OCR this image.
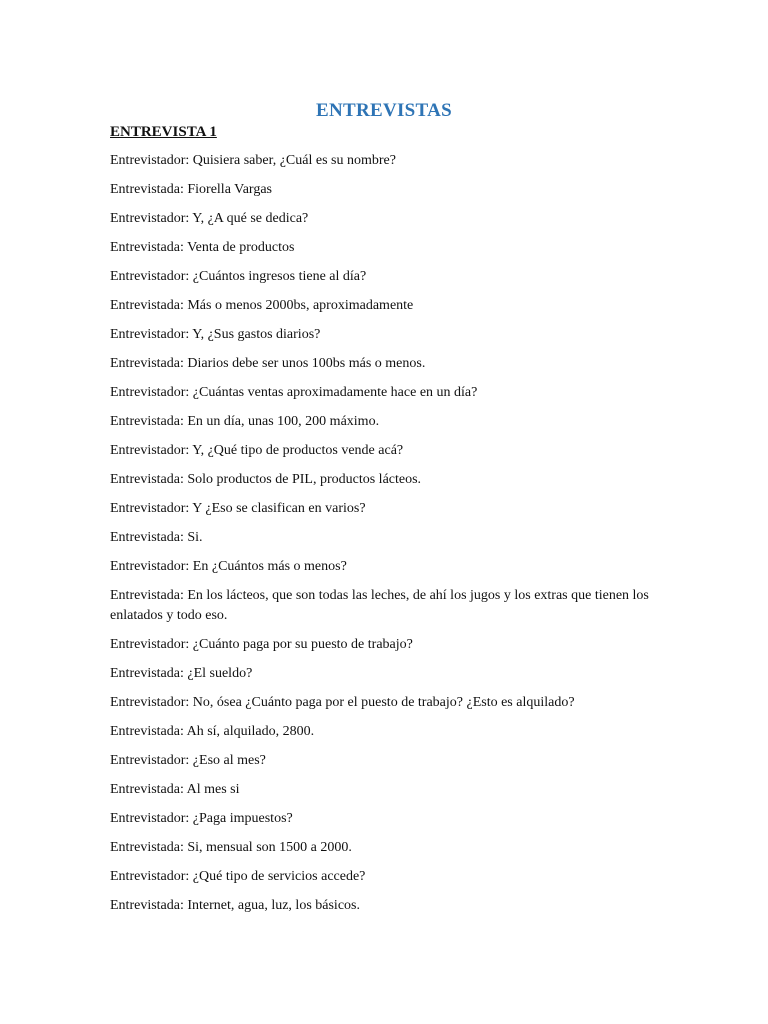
ENTREVISTAS
ENTREVISTA 1

Entrevistador: Quisiera saber, ¿Cuál es su nombre?

Entrevistada: Fiorella Vargas

Entrevistador: Y, ¿A qué se dedica?

Entrevistada: Venta de productos

Entrevistador: ¿Cuántos ingresos tiene al día?

Entrevistada: Más o menos 2000bs, aproximadamente

Entrevistador: Y, ¿Sus gastos diarios?

Entrevistada: Diarios debe ser unos 100bs más o menos.

Entrevistador: ¿Cuántas ventas aproximadamente hace en un día?

Entrevistada: En un día, unas 100, 200 máximo.

Entrevistador: Y, ¿Qué tipo de productos vende acá?

Entrevistada: Solo productos de PIL, productos lácteos.

Entrevistador: Y ¿Eso se clasifican en varios?

Entrevistada: Si.

Entrevistador: En ¿Cuántos más o menos?

Entrevistada: En los lácteos, que son todas las leches, de ahí los jugos y los extras que tienen los enlatados y todo eso.

Entrevistador: ¿Cuánto paga por su puesto de trabajo?

Entrevistada: ¿El sueldo?

Entrevistador: No, ósea ¿Cuánto paga por el puesto de trabajo? ¿Esto es alquilado?

Entrevistada: Ah sí, alquilado, 2800.

Entrevistador: ¿Eso al mes?

Entrevistada: Al mes si

Entrevistador: ¿Paga impuestos?

Entrevistada: Si, mensual son 1500 a 2000.

Entrevistador: ¿Qué tipo de servicios accede?

Entrevistada: Internet, agua, luz, los básicos.
